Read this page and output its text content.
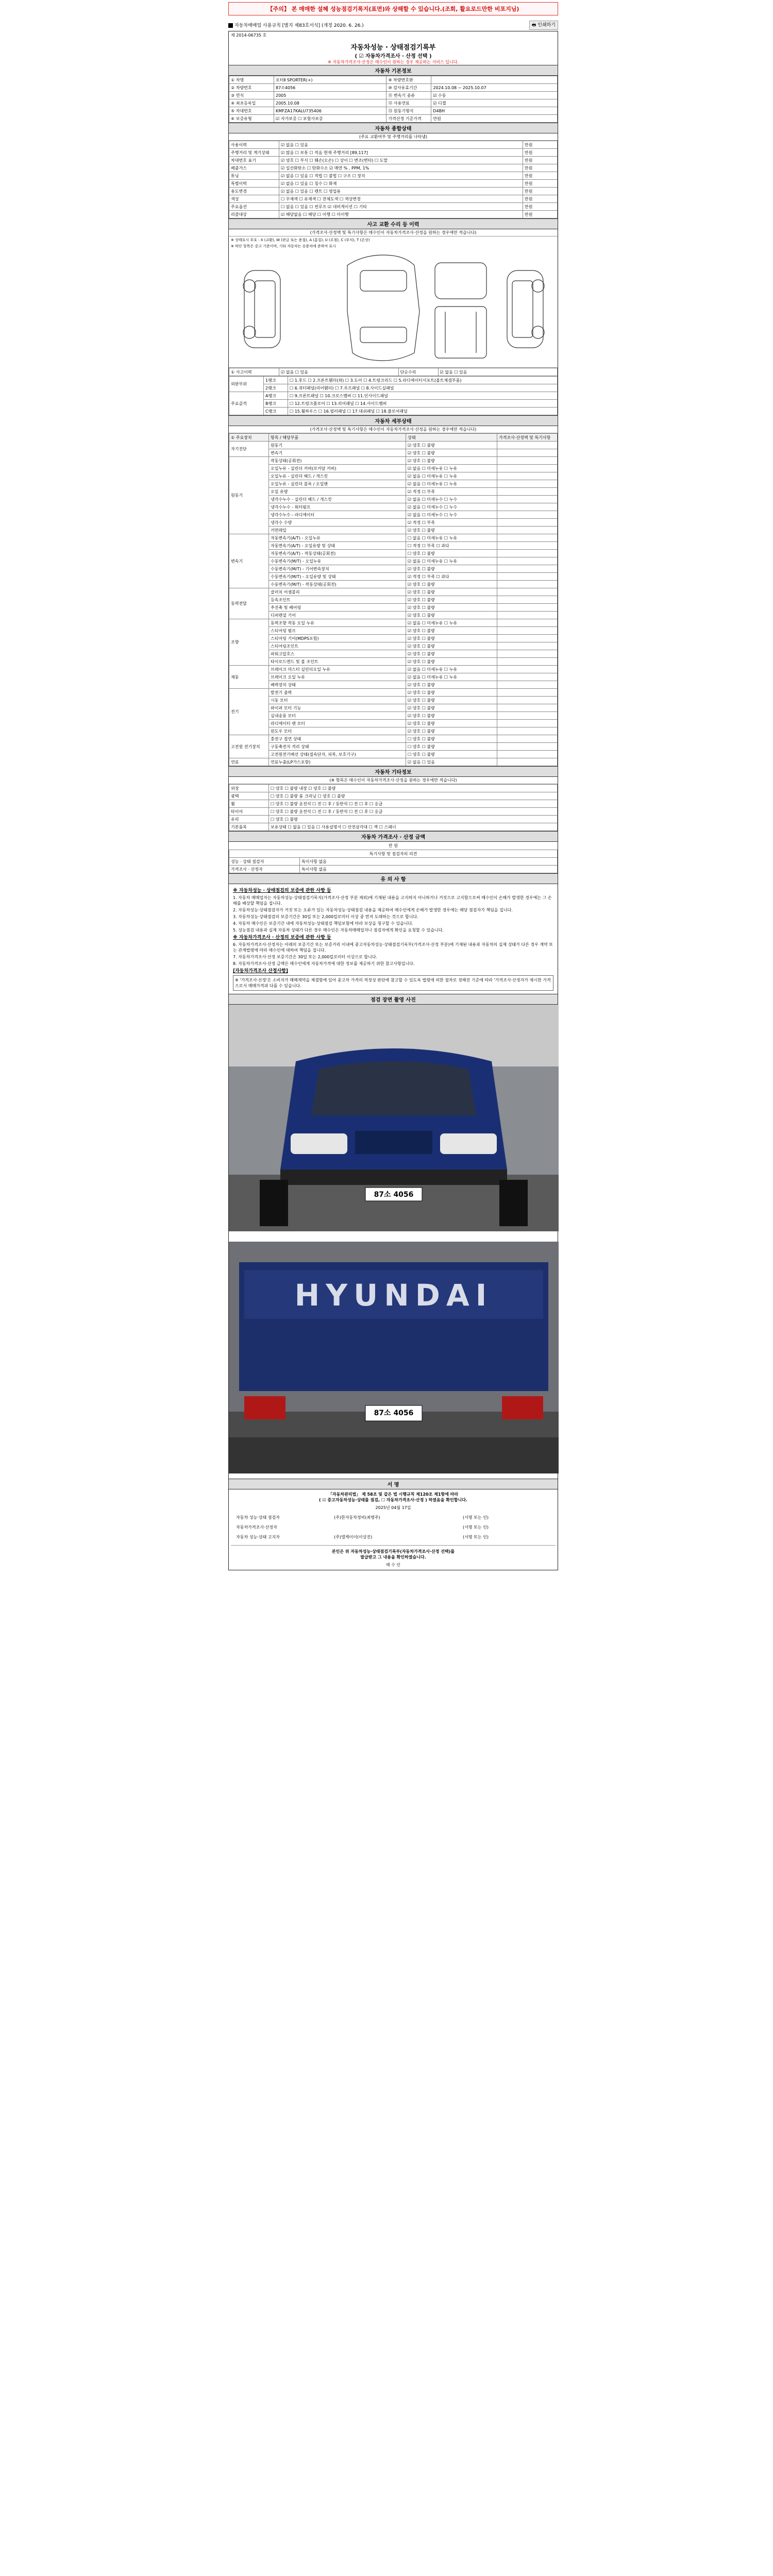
【주의】 본 매매한 설혜 성능점검기록지(표면)와 상해할 수 있습니다.(조회, 활요로드만한 비포지님)
자동차매매업 사용규칙 [별지 제83호서식] (개정 2020. 6. 26.)	🖶 인쇄하기
제 2014-06735 호
자동차성능 · 상태점검기록부
( ☑ 자동차가격조사 · 산정 선택 )
※ 자동차가격조사·산정은 매수인이 원하는 경우 제공하는 서비스 입니다.
자동차 기본정보
① 차명	포터Ⅱ SPORTER(+)	⑨ 차량번호판	
② 차량번호	87소4056	⑩ 검사유효기간	2024.10.08 ~ 2025.10.07
③ 연식	2005	⑪ 변속기 종류	☑ 수동
④ 최초등록일	2005.10.08	⑫ 사용연료	☑ 디젤
⑤ 차대번호	KMFZA17KALU735406	⑬ 원동기형식	D4BH
⑥ 보증유형	☑ 자가보증 ☐ 보험사보증	가격산정 기준가격	만원
자동차 종합상태
(주요 교환여부 및 주행거리를 나타냄)
사용이력	☑ 없음 ☐ 있음	만원
주행거리 및 계기상태	☑ 많음 ☐ 보통 ☐ 적음 현재 주행거리 [89,117]	만원
차대번호 표기	☑ 양호 ☐ 부식 ☐ 훼손(오손) ☐ 상이 ☐ 변조(변타) ☐ 도말	만원
배출가스	☑ 일산화탄소 ☐ 탄화수소 ☑ 매연 % , PPM, 1%	만원
튜닝	☑ 없음 ☐ 있음 ☐ 적법 ☐ 불법 ☐ 구조 ☐ 장치	만원
특별이력	☑ 없음 ☐ 있음 ☐ 침수 ☐ 화재	만원
용도변경	☑ 없음 ☐ 있음 ☐ 렌트 ☐ 영업용	만원
색상	☐ 무채색 ☐ 유채색 ☐ 전체도색 ☐ 색상변경	만원
주요옵션	☐ 없음 ☐ 있음 ☐ 썬루프 ☑ 네비게이션 ☐ 기타	만원
리콜대상	☑ 해당없음 ☐ 해당 ☐ 이행 ☐ 미이행	만원
사고 교환 수리 등 이력
(가격조사·산정액 및 특기사항은 매수인이 자동차가격조사·산정을 원하는 경우에만 적습니다)
※ 상태표시 부호 : X (교환), W (판금 또는 용접), A (흠집), U (요철), C (부식), T (손상)
※ 하단 항목은 중고 기준이며, 기타 자동차는 승용차에 준하여 표시
① 사고이력	☑ 없음 ☐ 있음	단순수리	☑ 없음 ☐ 있음
외판부위	1랭크	☐ 1.후드 ☐ 2.프론트휀더(좌) ☐ 3.도어 ☐ 4.트렁크리드 ☐ 5.라디에이터서포트(볼트체결부품)
	2랭크	☐ 6.쿼터패널(리어휀더) ☐ 7.루프패널 ☐ 8.사이드실패널
주요골격	A랭크	☐ 9.프론트패널 ☐ 10.크로스멤버 ☐ 11.인사이드패널
	B랭크	☐ 12.트렁크플로어 ☐ 13.리어패널 ☐ 14.사이드멤버
	C랭크	☐ 15.휠하우스 ☐ 16.필러패널 ☐ 17.대쉬패널 ☐ 18.플로어패널
자동차 세부상태
(가격조사·산정액 및 특기사항은 매수인이 자동차가격조사·산정을 원하는 경우에만 적습니다)
① 주요장치	항목 / 해당부품	상태	가격조사·산정액 및 특기사항
자기진단	원동기	☑ 양호 ☐ 불량	
	변속기	☑ 양호 ☐ 불량	
원동기	작동상태(공회전)	☑ 양호 ☐ 불량	
	오일누유 - 실린더 커버(로커암 커버)	☑ 없음 ☐ 미세누유 ☐ 누유	
	오일누유 - 실린더 헤드 / 개스킷	☑ 없음 ☐ 미세누유 ☐ 누유	
	오일누유 - 실린더 블록 / 오일팬	☑ 없음 ☐ 미세누유 ☐ 누유	
	오일 유량	☑ 적정 ☐ 부족	
	냉각수누수 - 실린더 헤드 / 개스킷	☑ 없음 ☐ 미세누수 ☐ 누수	
	냉각수누수 - 워터펌프	☑ 없음 ☐ 미세누수 ☐ 누수	
	냉각수누수 - 라디에이터	☑ 없음 ☐ 미세누수 ☐ 누수	
	냉각수 수량	☑ 적정 ☐ 부족	
	커먼레일	☑ 양호 ☐ 불량	
변속기	자동변속기(A/T) - 오일누유	☐ 없음 ☐ 미세누유 ☐ 누유	
	자동변속기(A/T) - 오일유량 및 상태	☐ 적정 ☐ 부족 ☐ 과다	
	자동변속기(A/T) - 작동상태(공회전)	☐ 양호 ☐ 불량	
	수동변속기(M/T) - 오일누유	☑ 없음 ☐ 미세누유 ☐ 누유	
	수동변속기(M/T) - 기어변속장치	☑ 양호 ☐ 불량	
	수동변속기(M/T) - 오일유량 및 상태	☑ 적정 ☐ 부족 ☐ 과다	
	수동변속기(M/T) - 작동상태(공회전)	☑ 양호 ☐ 불량	
동력전달	클러치 어셈블리	☑ 양호 ☐ 불량	
	등속조인트	☑ 양호 ☐ 불량	
	추진축 및 베어링	☑ 양호 ☐ 불량	
	디퍼렌셜 기어	☑ 양호 ☐ 불량	
조향	동력조향 작동 오일 누유	☑ 없음 ☐ 미세누유 ☐ 누유	
	스티어링 펌프	☑ 양호 ☐ 불량	
	스티어링 기어(MDPS포함)	☑ 양호 ☐ 불량	
	스티어링조인트	☑ 양호 ☐ 불량	
	파워고압호스	☑ 양호 ☐ 불량	
	타이로드엔드 및 볼 조인트	☑ 양호 ☐ 불량	
제동	브레이크 마스터 실린더오일 누유	☑ 없음 ☐ 미세누유 ☐ 누유	
	브레이크 오일 누유	☑ 없음 ☐ 미세누유 ☐ 누유	
	배력장치 상태	☑ 양호 ☐ 불량	
전기	발전기 출력	☑ 양호 ☐ 불량	
	시동 모터	☑ 양호 ☐ 불량	
	와이퍼 모터 기능	☑ 양호 ☐ 불량	
	실내송풍 모터	☑ 양호 ☐ 불량	
	라디에이터 팬 모터	☑ 양호 ☐ 불량	
	윈도우 모터	☑ 양호 ☐ 불량	
고전원 전기장치	충전구 절연 상태	☐ 양호 ☐ 불량	
	구동축전지 격리 상태	☐ 양호 ☐ 불량	
	고전원전기배선 상태(접속단자, 피복, 보호기구)	☐ 양호 ☐ 불량	
연료	연료누출(LP가스포함)	☑ 없음 ☐ 있음	
자동차 기타정보
(※ 항목은 매수인이 자동차가격조사·산정을 원하는 경우에만 적습니다)
외장	☐ 양호 ☐ 불량 내장 ☐ 양호 ☐ 불량
광택	☐ 양호 ☐ 불량 룸 크리닝 ☐ 양호 ☐ 불량
휠	☐ 양호 ☐ 불량 운전석 ☐ 전 ☐ 후 / 동반석 ☐ 전 ☐ 후 ☐ 응급
타이어	☐ 양호 ☐ 불량 운전석 ☐ 전 ☐ 후 / 동반석 ☐ 전 ☐ 후 ☐ 응급
유리	☐ 양호 ☐ 불량
기본품목	보유상태 ☐ 없음 ☐ 있음 ☐ 사용설명서 ☐ 안전삼각대 ☐ 잭 ☐ 스패너
자동차 가격조사 · 산정 금액
만 원
특기사항 및 점검자의 의견	
성능 · 상태 점검자	특이사항 없음
가격조사 · 산정자	특이사항 없음
유 의 사 항
※ 자동차성능 · 상태점검의 보증에 관한 사항 등

1. 자동차 매매업자는 자동차성능·상태점검기록지(가격조사·산정 부분 제외)에 기재된 내용을 고지하지 아니하거나 거짓으로 고지함으로써 매수인이 손해가 발생한 경우에는 그 손해를 배상할 책임을 집니다.

2. 자동차성능·상태점검자가 거짓 또는 오류가 있는 자동차성능·상태점검 내용을 제공하여 매수인에게 손해가 발생한 경우에는 해당 점검자가 책임을 집니다.

3. 자동차성능·상태점검의 보증기간은 30일 또는 2,000킬로미터 이상 중 먼저 도래하는 것으로 합니다.

4. 자동차 매수인은 보증기간 내에 자동차성능·상태점검 책임보험에 따라 보상을 청구할 수 있습니다.

5. 성능점검 내용과 실제 자동차 상태가 다른 경우 매수인은 자동차매매업자나 점검자에게 확인을 요청할 수 있습니다.

※ 자동차가격조사 · 산정의 보증에 관한 사항 등

6. 자동차가격조사·산정자는 아래의 보증기간 또는 보증거리 이내에 중고자동차성능·상태점검기록부(가격조사·산정 부분)에 기재된 내용과 자동차의 실제 상태가 다른 경우 계약 또는 관계법령에 따라 매수인에 대하여 책임을 집니다.

7. 자동차가격조사·산정 보증기간은 30일 또는 2,000킬로미터 이상으로 합니다.

8. 자동차가격조사·산정 금액은 매수인에게 자동차가격에 대한 정보를 제공하기 위한 참고사항입니다.

[자동차가격조사 산정사항]

※ '가격조사·산정'은 소비자가 매매계약을 체결함에 있어 중고차 가격의 적정성 판단에 참고할 수 있도록 법령에 의한 절차로 정해진 기준에 따라 '가격조사·산정자가 제시한 가격으로서 매매가격과 다를 수 있습니다.

점검 장면 촬영 사진
87소 4056
HYUNDAI
87소 4056
서 명
「자동차관리법」 제 58조 및 같은 법 시행규칙 제120조 제1항에 따라
( ☑ 중고자동차성능·상태를 점검, ☐ 자동차가격조사·산정 ) 하였음을 확인합니다.
2025년 04월 17일
자동차 성능·상태 점검자	(주)한자동차정비(최병주)	(서명 또는 인)
자동차가격조사·산정자	(서명 또는 인)
자동차 성능·상태 고지자	(주)엘케이이(이상진)	(서명 또는 인)
본인은 위 자동차성능·상태점검기록부(자동차가격조사·산정 선택)를
발급받고 그 내용을 확인하였습니다.
매 수 인
